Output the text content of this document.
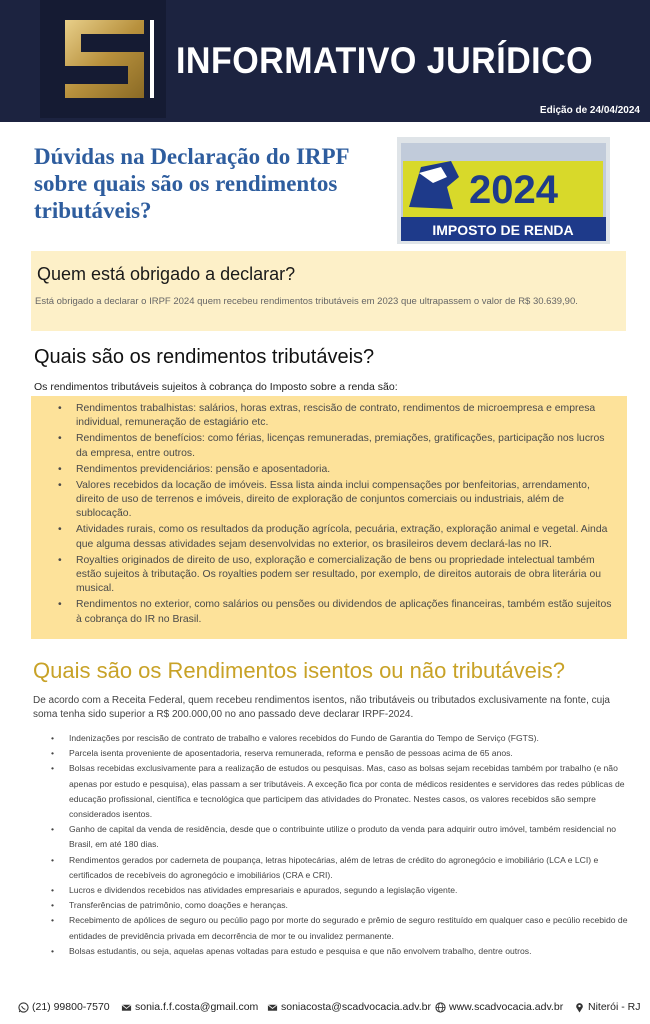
INFORMATIVO JURÍDICO
Edição de 24/04/2024
Dúvidas na Declaração do IRPF sobre quais são os rendimentos tributáveis?	2024
IMPOSTO DE RENDA
Quem está obrigado a declarar?
Está obrigado a declarar o IRPF 2024 quem recebeu rendimentos tributáveis em 2023 que ultrapassem o valor de R$ 30.639,90.
Quais são os rendimentos tributáveis?
Os rendimentos tributáveis sujeitos à cobrança do Imposto sobre a renda são:
• Rendimentos trabalhistas: salários, horas extras, rescisão de contrato, rendimentos de microempresa e empresa individual, remuneração de estagiário etc.
• Rendimentos de benefícios: como férias, licenças remuneradas, premiações, gratificações, participação nos lucros da empresa, entre outros.
• Rendimentos previdenciários: pensão e aposentadoria.
• Valores recebidos da locação de imóveis. Essa lista ainda inclui compensações por benfeitorias, arrendamento, direito de uso de terrenos e imóveis, direito de exploração de conjuntos comerciais ou industriais, além de sublocação.
• Atividades rurais, como os resultados da produção agrícola, pecuária, extração, exploração animal e vegetal. Ainda que alguma dessas atividades sejam desenvolvidas no exterior, os brasileiros devem declará-las no IR.
• Royalties originados de direito de uso, exploração e comercialização de bens ou propriedade intelectual também estão sujeitos à tributação. Os royalties podem ser resultado, por exemplo, de direitos autorais de obra literária ou musical.
• Rendimentos no exterior, como salários ou pensões ou dividendos de aplicações financeiras, também estão sujeitos à cobrança do IR no Brasil.
Quais são os Rendimentos isentos ou não tributáveis?
De acordo com a Receita Federal, quem recebeu rendimentos isentos, não tributáveis ou tributados exclusivamente na fonte, cuja soma tenha sido superior a R$ 200.000,00 no ano passado deve declarar IRPF-2024.
• Indenizações por rescisão de contrato de trabalho e valores recebidos do Fundo de Garantia do Tempo de Serviço (FGTS).
• Parcela isenta proveniente de aposentadoria, reserva remunerada, reforma e pensão de pessoas acima de 65 anos.
• Bolsas recebidas exclusivamente para a realização de estudos ou pesquisas. Mas, caso as bolsas sejam recebidas também por trabalho (e não apenas por estudo e pesquisa), elas passam a ser tributáveis. A exceção fica por conta de médicos residentes e servidores das redes públicas de educação profissional, científica e tecnológica que participem das atividades do Pronatec. Nestes casos, os valores recebidos são sempre considerados isentos.
• Ganho de capital da venda de residência, desde que o contribuinte utilize o produto da venda para adquirir outro imóvel, também residencial no Brasil, em até 180 dias.
• Rendimentos gerados por caderneta de poupança, letras hipotecárias, além de letras de crédito do agronegócio e imobiliário (LCA e LCI) e certificados de recebíveis do agronegócio e imobiliários (CRA e CRI).
• Lucros e dividendos recebidos nas atividades empresariais e apurados, segundo a legislação vigente.
• Transferências de patrimônio, como doações e heranças.
• Recebimento de apólices de seguro ou pecúlio pago por morte do segurado e prêmio de seguro restituído em qualquer caso e pecúlio recebido de entidades de previdência privada em decorrência de mor te ou invalidez permanente.
• Bolsas estudantis, ou seja, aquelas apenas voltadas para estudo e pesquisa e que não envolvem trabalho, dentre outros.
(21) 99800-7570 sonia.f.f.costa@gmail.com soniacosta@scadvocacia.adv.br www.scadvocacia.adv.br Niterói - RJ
